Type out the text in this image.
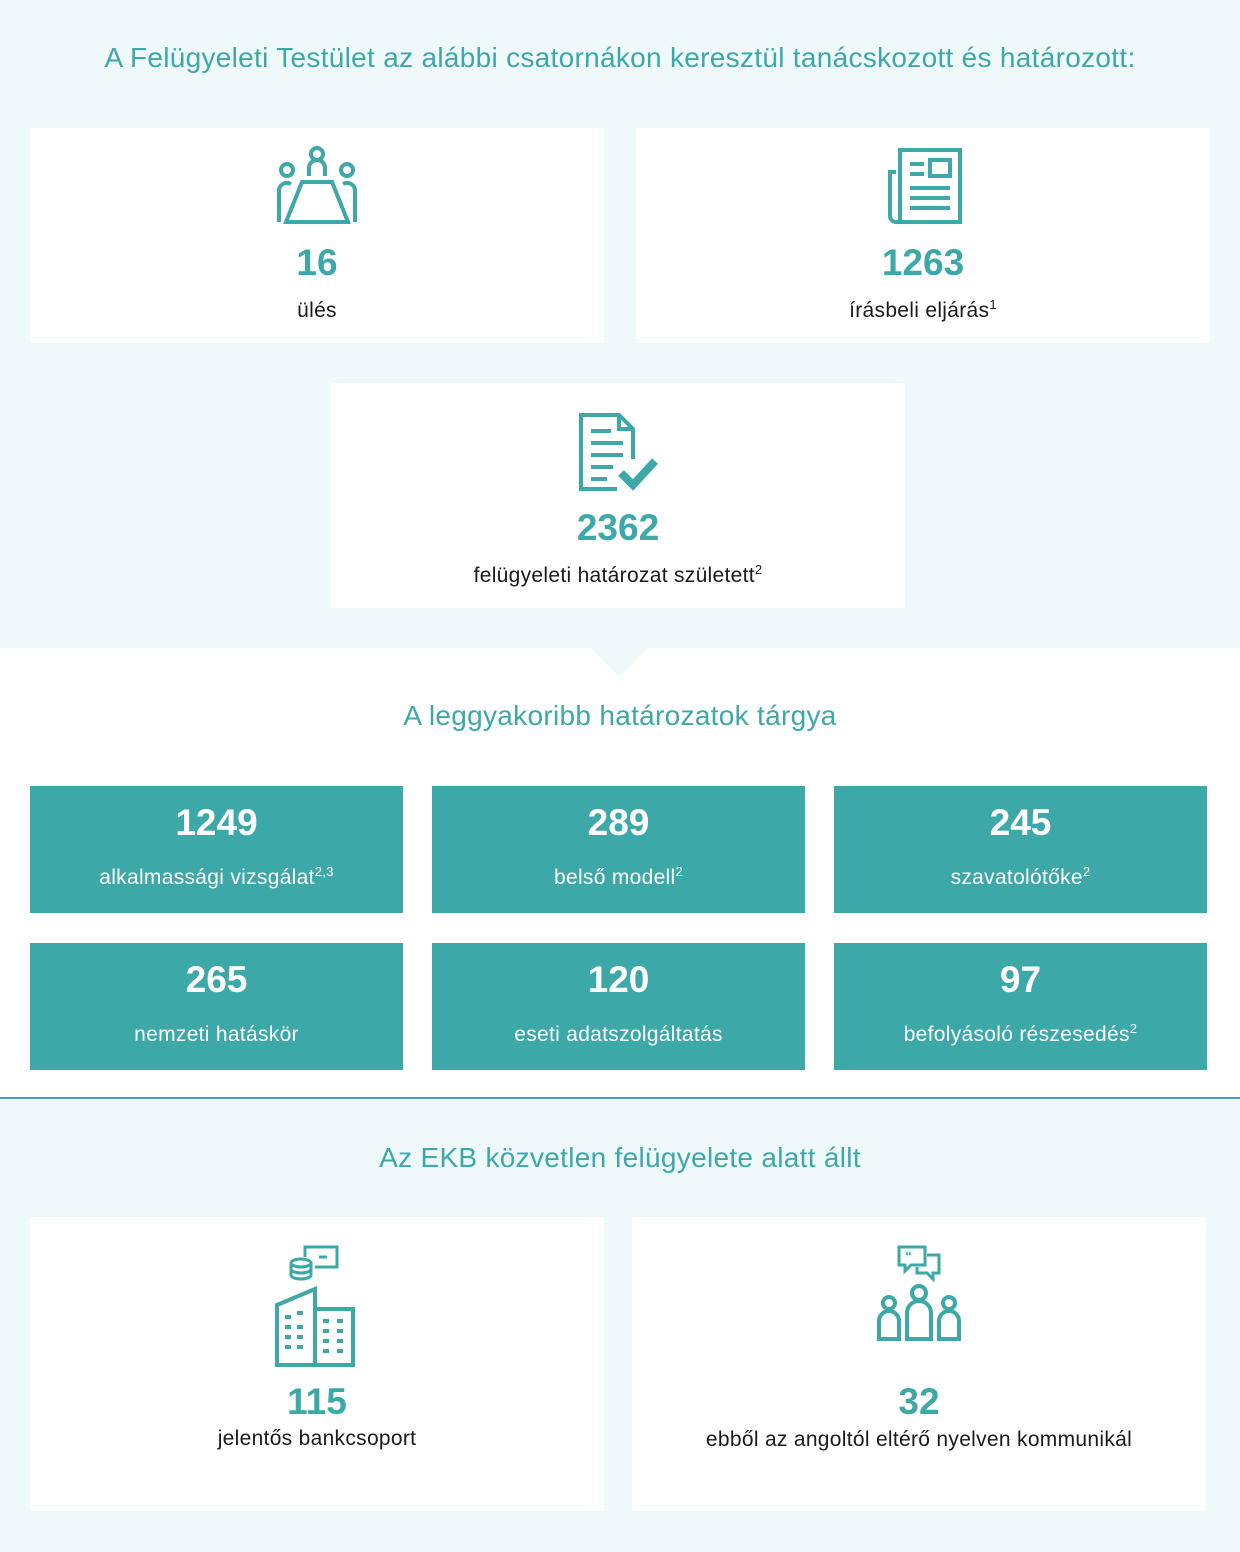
A Felügyeleti Testület az alábbi csatornákon keresztül tanácskozott és határozott:
16
ülés
1263
írásbeli eljárás$^1$
2362
felügyeleti határozat született$^2$
A leggyakoribb határozatok tárgya
1249
alkalmassági vizsgálat$^{2,3}$
289
belső modell$^2$
245
szavatolótőke$^2$
265
nemzeti hatáskör
120
eseti adatszolgáltatás
97
befolyásoló részesedés$^2$
Az EKB közvetlen felügyelete alatt állt
115
jelentős bankcsoport
“
32
ebből az angoltól eltérő nyelven kommunikál
